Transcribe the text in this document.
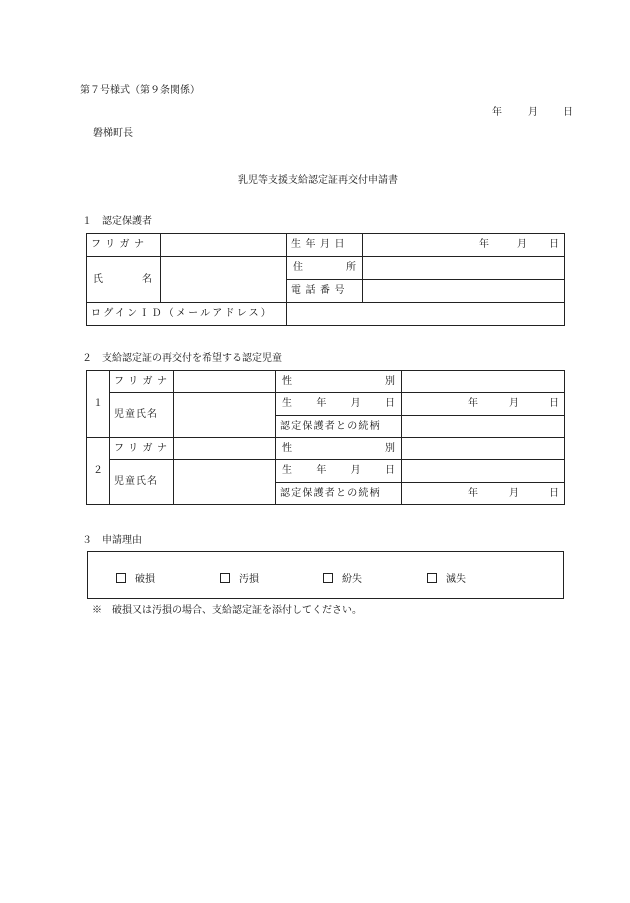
第７号様式（第９条関係）
年	月	日
磐梯町長
乳児等支援支給認定証再交付申請書
１　認定保護者
フリガナ		生年月日	年 月 日

氏 名		住 所	

		電話番号	
ログインＩＤ（メールアドレス）			
２　支給認定証の再交付を希望する認定児童
１	フリガナ		性 別	

	児童氏名		生 年 月 日	年 月 日

			認定保護者との続柄	
２	フリガナ		性 別	

	児童氏名		生 年 月 日	

			認定保護者との続柄	年 月 日
３　申請理由
破損	汚損	紛失	滅失
※　破損又は汚損の場合、支給認定証を添付してください。
